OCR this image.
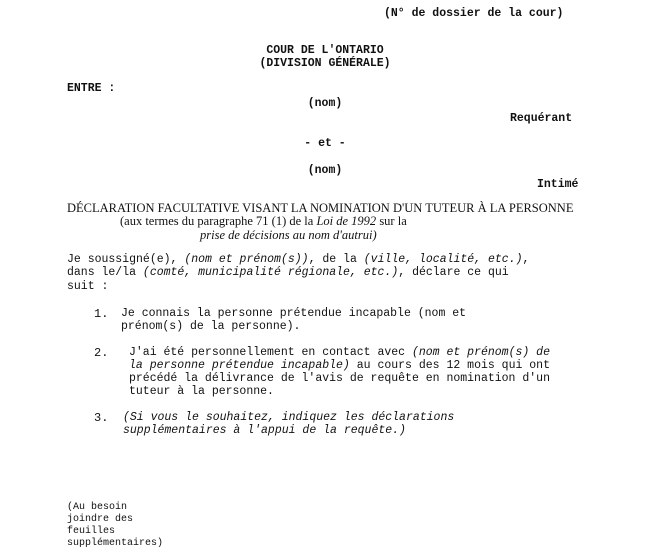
(N° de dossier de la cour)
COUR DE L'ONTARIO
(DIVISION GÉNÉRALE)
ENTRE :
(nom)
Requérant
- et -
(nom)
Intimé
DÉCLARATION FACULTATIVE VISANT LA NOMINATION D'UN TUTEUR À LA PERSONNE
(aux termes du paragraphe 71 (1) de la Loi de 1992 sur la
prise de décisions au nom d'autrui)
Je soussigné(e), (nom et prénom(s)), de la (ville, localité, etc.),
dans le/la (comté, municipalité régionale, etc.), déclare ce qui
suit :
1. Je connais la personne prétendue incapable (nom et
prénom(s) de la personne).
2. J'ai été personnellement en contact avec (nom et prénom(s) de
la personne prétendue incapable) au cours des 12 mois qui ont
précédé la délivrance de l'avis de requête en nomination d'un
tuteur à la personne.
3. (Si vous le souhaitez, indiquez les déclarations
supplémentaires à l'appui de la requête.)
(Au besoin
joindre des
feuilles
supplémentaires)
